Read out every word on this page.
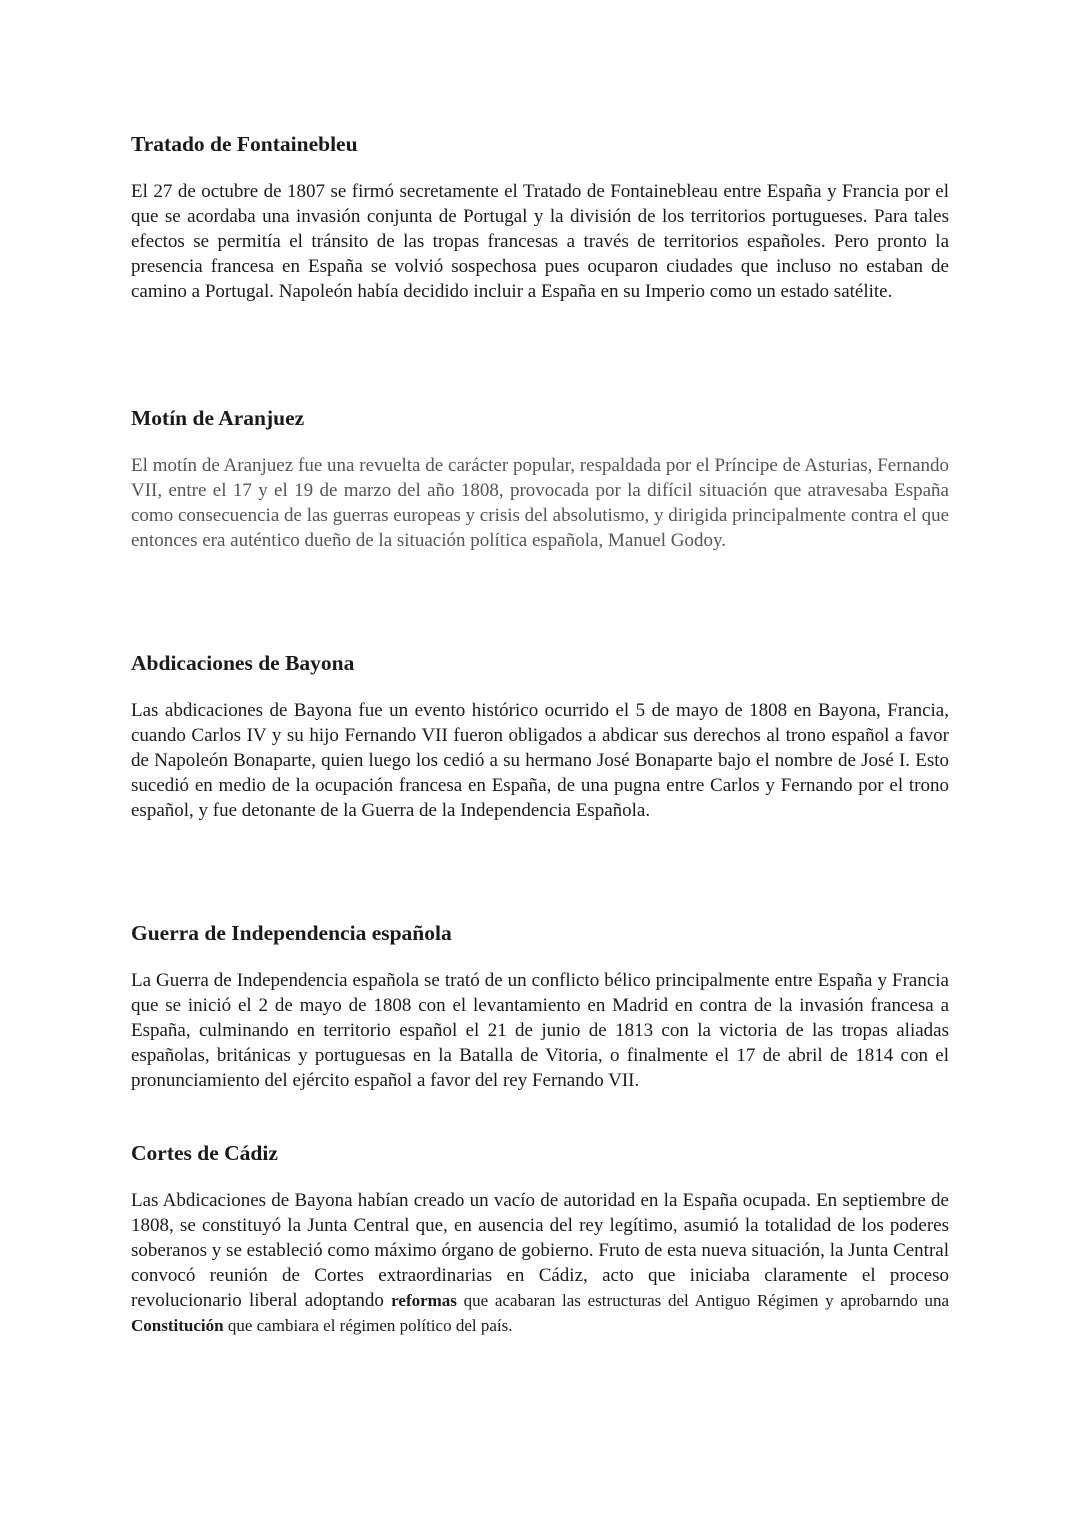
Tratado de Fontainebleu

El 27 de octubre de 1807 se firmó secretamente el Tratado de Fontainebleau entre España y Francia por el que se acordaba una invasión conjunta de Portugal y la división de los territorios portugueses. Para tales efectos se permitía el tránsito de las tropas francesas a través de territorios españoles. Pero pronto la presencia francesa en España se volvió sospechosa pues ocuparon ciudades que incluso no estaban de camino a Portugal. Napoleón había decidido incluir a España en su Imperio como un estado satélite.

Motín de Aranjuez

El motín de Aranjuez fue una revuelta de carácter popular, respaldada por el Príncipe de Asturias, Fernando VII, entre el 17 y el 19 de marzo del año 1808, provocada por la difícil situación que atravesaba España como consecuencia de las guerras europeas y crisis del absolutismo, y dirigida principalmente contra el que entonces era auténtico dueño de la situación política española, Manuel Godoy.

Abdicaciones de Bayona

Las abdicaciones de Bayona fue un evento histórico ocurrido el 5 de mayo de 1808 en Bayona, Francia, cuando Carlos IV y su hijo Fernando VII fueron obligados a abdicar sus derechos al trono español a favor de Napoleón Bonaparte, quien luego los cedió a su hermano José Bonaparte bajo el nombre de José I. Esto sucedió en medio de la ocupación francesa en España, de una pugna entre Carlos y Fernando por el trono español, y fue detonante de la Guerra de la Independencia Española.

Guerra de Independencia española

La Guerra de Independencia española se trató de un conflicto bélico principalmente entre España y Francia que se inició el 2 de mayo de 1808 con el levantamiento en Madrid en contra de la invasión francesa a España, culminando en territorio español el 21 de junio de 1813 con la victoria de las tropas aliadas españolas, británicas y portuguesas en la Batalla de Vitoria, o finalmente el 17 de abril de 1814 con el pronunciamiento del ejército español a favor del rey Fernando VII.

Cortes de Cádiz

Las Abdicaciones de Bayona habían creado un vacío de autoridad en la España ocupada. En septiembre de 1808, se constituyó la Junta Central que, en ausencia del rey legítimo, asumió la totalidad de los poderes soberanos y se estableció como máximo órgano de gobierno. Fruto de esta nueva situación, la Junta Central convocó reunión de Cortes extraordinarias en Cádiz, acto que iniciaba claramente el proceso revolucionario liberal adoptando reformas que acabaran las estructuras del Antiguo Régimen y aprobarndo una Constitución que cambiara el régimen político del país.
